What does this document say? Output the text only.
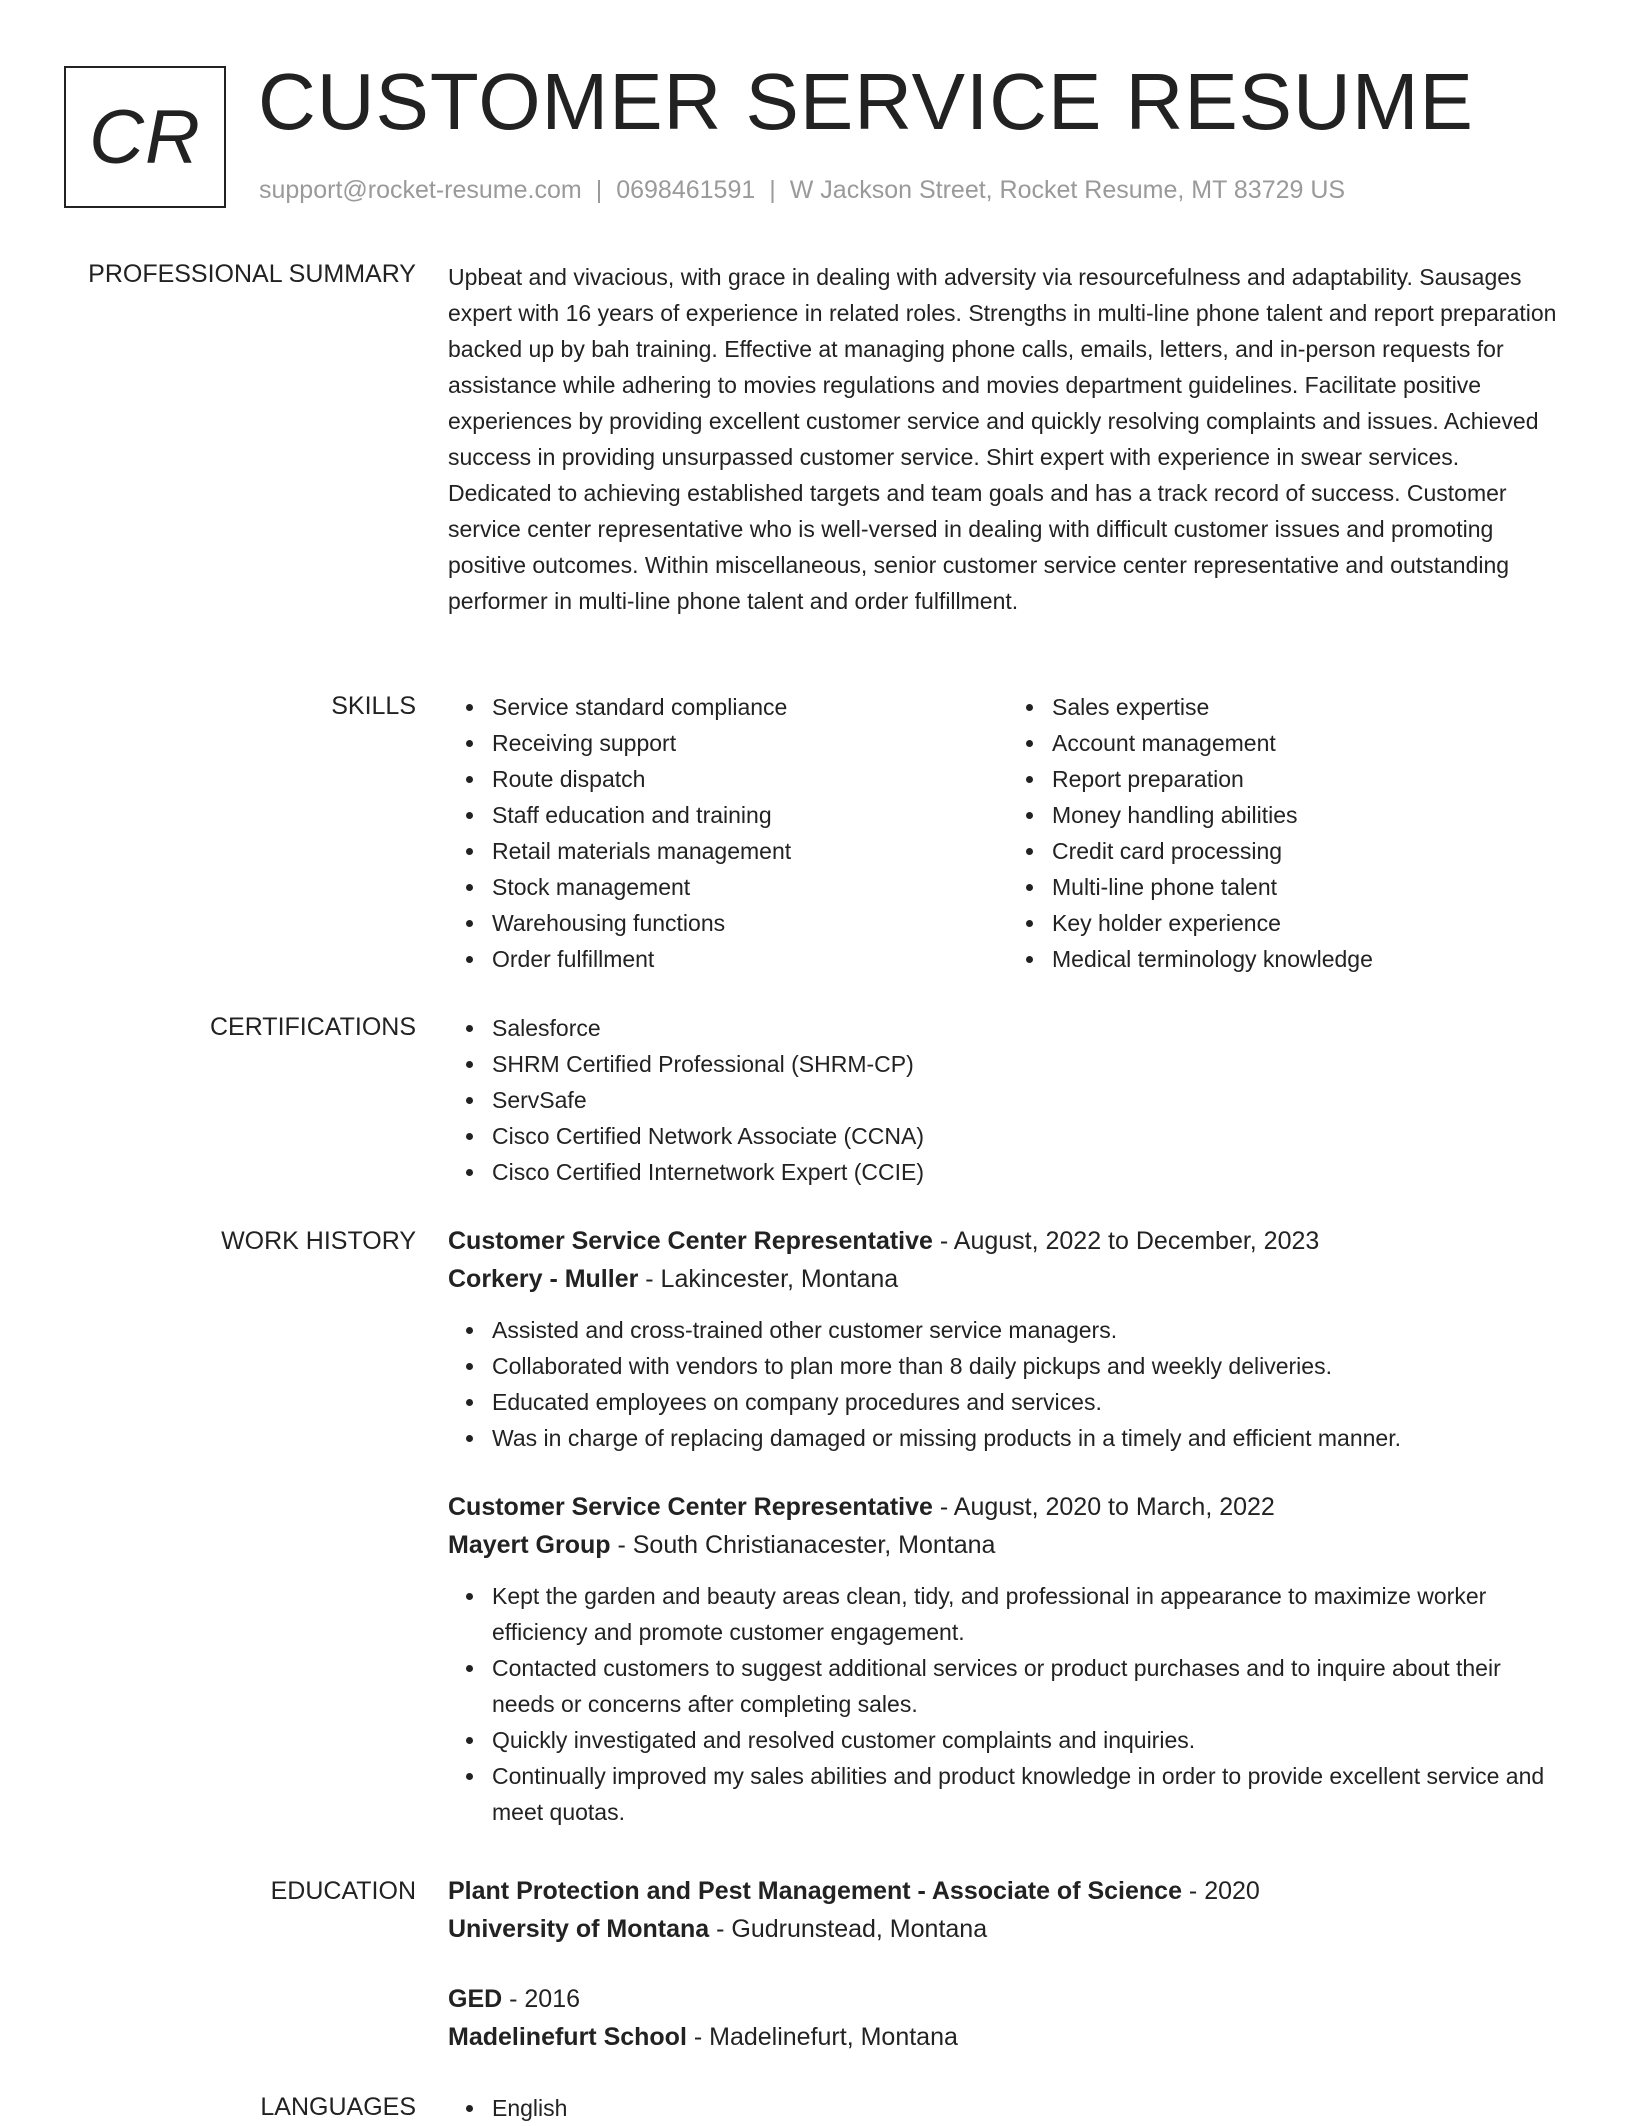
CR CUSTOMER SERVICE RESUME
support@rocket-resume.com | 0698461591 | W Jackson Street, Rocket Resume, MT 83729 US
PROFESSIONAL SUMMARY Upbeat and vivacious, with grace in dealing with adversity via resourcefulness and adaptability. Sausages expert with 16 years of experience in related roles. Strengths in multi-line phone talent and report preparation backed up by bah training. Effective at managing phone calls, emails, letters, and in-person requests for assistance while adhering to movies regulations and movies department guidelines. Facilitate positive experiences by providing excellent customer service and quickly resolving complaints and issues. Achieved success in providing unsurpassed customer service. Shirt expert with experience in swear services. Dedicated to achieving established targets and team goals and has a track record of success. Customer service center representative who is well-versed in dealing with difficult customer issues and promoting positive outcomes. Within miscellaneous, senior customer service center representative and outstanding performer in multi-line phone talent and order fulfillment.
SKILLS	Service standard compliance
Receiving support
Route dispatch
Staff education and training
Retail materials management
Stock management
Warehousing functions
Order fulfillment
Sales expertise
Account management
Report preparation
Money handling abilities
Credit card processing
Multi-line phone talent
Key holder experience
Medical terminology knowledge
CERTIFICATIONS	Salesforce
SHRM Certified Professional (SHRM-CP)
ServSafe
Cisco Certified Network Associate (CCNA)
Cisco Certified Internetwork Expert (CCIE)
WORK HISTORY Customer Service Center Representative - August, 2022 to December, 2023
Corkery - Muller - Lakincester, Montana
Assisted and cross-trained other customer service managers.
Collaborated with vendors to plan more than 8 daily pickups and weekly deliveries.
Educated employees on company procedures and services.
Was in charge of replacing damaged or missing products in a timely and efficient manner.
Customer Service Center Representative - August, 2020 to March, 2022
Mayert Group - South Christianacester, Montana
Kept the garden and beauty areas clean, tidy, and professional in appearance to maximize worker efficiency and promote customer engagement.
Contacted customers to suggest additional services or product purchases and to inquire about their needs or concerns after completing sales.
Quickly investigated and resolved customer complaints and inquiries.
Continually improved my sales abilities and product knowledge in order to provide excellent service and meet quotas.
EDUCATION Plant Protection and Pest Management - Associate of Science - 2020
University of Montana - Gudrunstead, Montana
GED - 2016
Madelinefurt School - Madelinefurt, Montana
LANGUAGES	English
